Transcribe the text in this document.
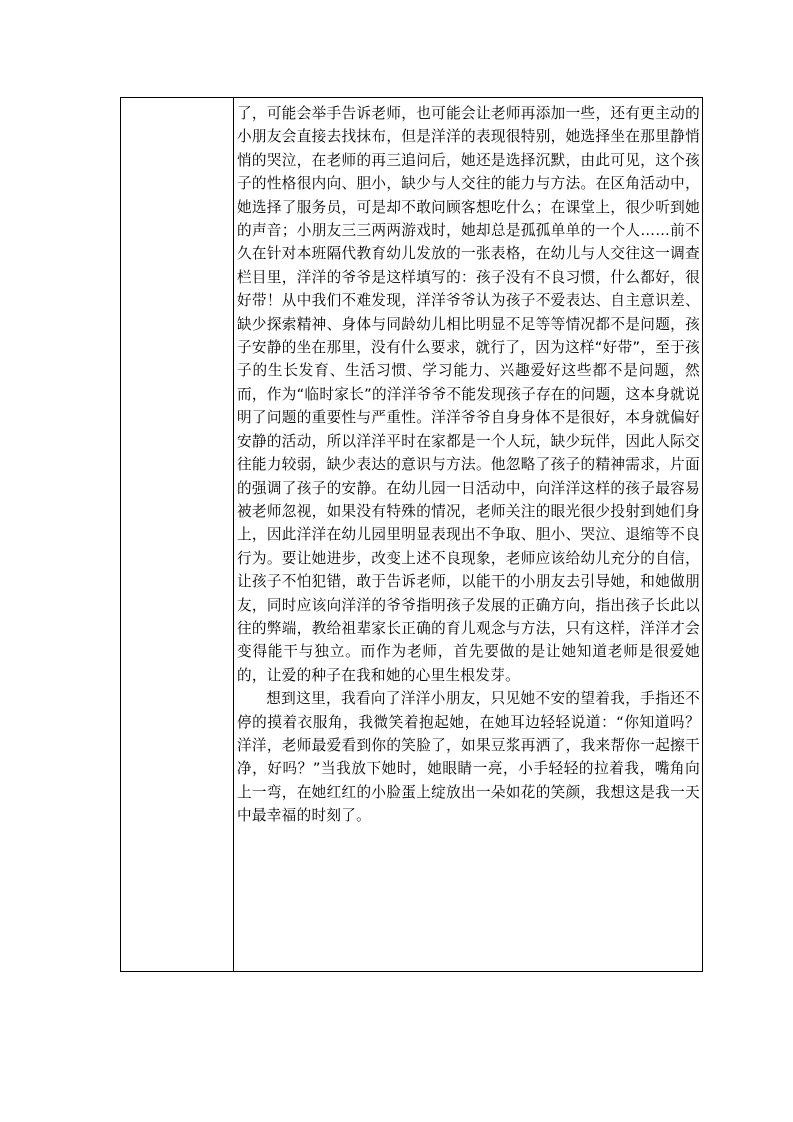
了，可能会举手告诉老师，也可能会让老师再添加一些，还有更主动的小朋友会直接去找抹布，但是洋洋的表现很特别，她选择坐在那里静悄悄的哭泣，在老师的再三追问后，她还是选择沉默，由此可见，这个孩子的性格很内向、胆小，缺少与人交往的能力与方法。在区角活动中，她选择了服务员，可是却不敢问顾客想吃什么；在课堂上，很少听到她的声音；小朋友三三两两游戏时，她却总是孤孤单单的一个人……前不久在针对本班隔代教育幼儿发放的一张表格，在幼儿与人交往这一调查栏目里，洋洋的爷爷是这样填写的：孩子没有不良习惯，什么都好，很好带！从中我们不难发现，洋洋爷爷认为孩子不爱表达、自主意识差、缺少探索精神、身体与同龄幼儿相比明显不足等等情况都不是问题，孩子安静的坐在那里，没有什么要求，就行了，因为这样“好带”，至于孩子的生长发育、生活习惯、学习能力、兴趣爱好这些都不是问题，然而，作为“临时家长”的洋洋爷爷不能发现孩子存在的问题，这本身就说明了问题的重要性与严重性。洋洋爷爷自身身体不是很好，本身就偏好安静的活动，所以洋洋平时在家都是一个人玩，缺少玩伴，因此人际交往能力较弱，缺少表达的意识与方法。他忽略了孩子的精神需求，片面的强调了孩子的安静。在幼儿园一日活动中，向洋洋这样的孩子最容易被老师忽视，如果没有特殊的情况，老师关注的眼光很少投射到她们身上，因此洋洋在幼儿园里明显表现出不争取、胆小、哭泣、退缩等不良行为。要让她进步，改变上述不良现象，老师应该给幼儿充分的自信，让孩子不怕犯错，敢于告诉老师，以能干的小朋友去引导她，和她做朋友，同时应该向洋洋的爷爷指明孩子发展的正确方向，指出孩子长此以往的弊端，教给祖辈家长正确的育儿观念与方法，只有这样，洋洋才会变得能干与独立。而作为老师，首先要做的是让她知道老师是很爱她的，让爱的种子在我和她的心里生根发芽。

想到这里，我看向了洋洋小朋友，只见她不安的望着我，手指还不停的摸着衣服角，我微笑着抱起她，在她耳边轻轻说道：“你知道吗？洋洋，老师最爱看到你的笑脸了，如果豆浆再洒了，我来帮你一起擦干净，好吗？”当我放下她时，她眼睛一亮，小手轻轻的拉着我，嘴角向上一弯，在她红红的小脸蛋上绽放出一朵如花的笑颜，我想这是我一天中最幸福的时刻了。
